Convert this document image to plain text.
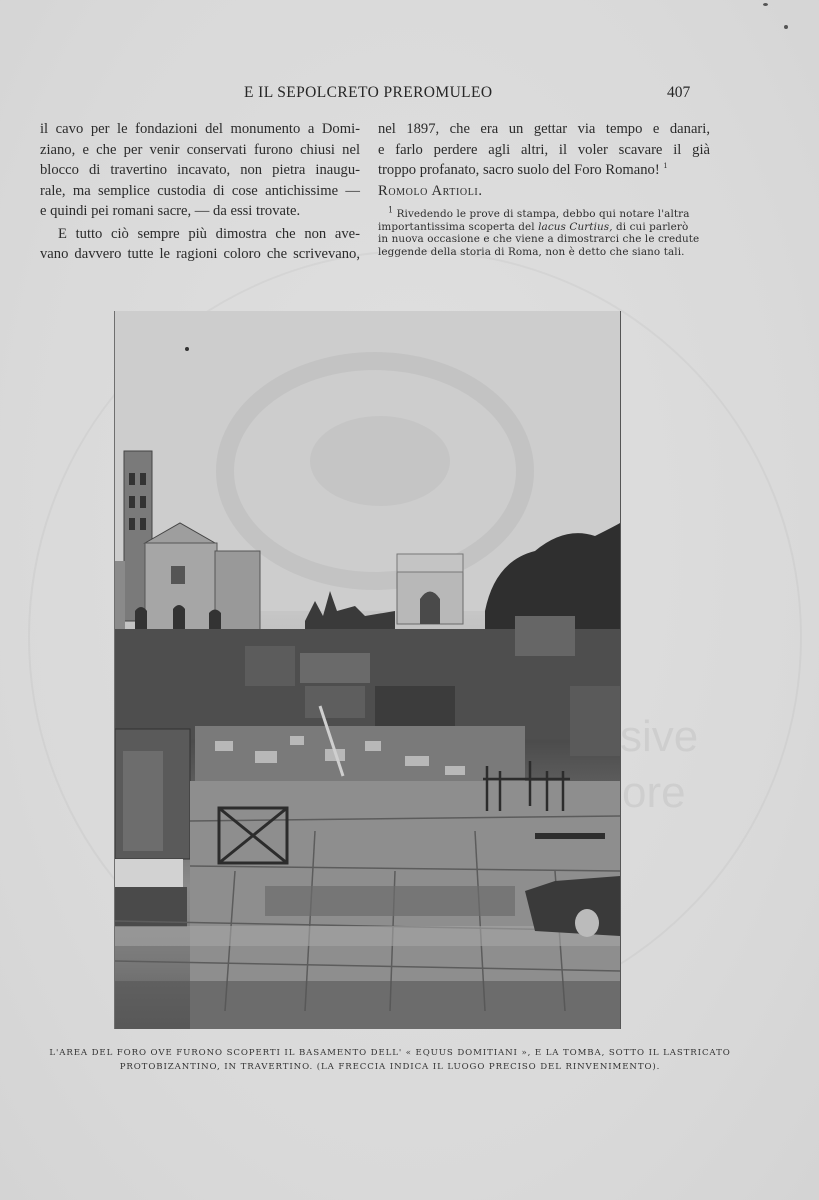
sive
ore
E IL SEPOLCRETO PREROMULEO	407

il cavo per le fondazioni del monumento a Domi-
ziano, e che per venir conservati furono chiusi nel
blocco di travertino incavato, non pietra inaugu-
rale, ma semplice custodia di cose antichissime —
e quindi pei romani sacre, — da essi trovate.

E tutto ciò sempre più dimostra che non ave-
vano davvero tutte le ragioni coloro che scrivevano,

nel 1897, che era un gettar via tempo e danari,
e farlo perdere agli altri, il voler scavare il già
troppo profanato, sacro suolo del Foro Romano! $^1$
Romolo Artioli.

$^1$ Rivedendo le prove di stampa, debbo qui notare l'altra
importantissima scoperta del lacus Curtius, di cui parlerò
in nuova occasione e che viene a dimostrarci che le credute
leggende della storia di Roma, non è detto che siano tali.
L'AREA DEL FORO OVE FURONO SCOPERTI IL BASAMENTO DELL' « EQUUS DOMITIANI », E LA TOMBA, SOTTO IL LASTRICATO
PROTOBIZANTINO, IN TRAVERTINO. (LA FRECCIA INDICA IL LUOGO PRECISO DEL RINVENIMENTO).
